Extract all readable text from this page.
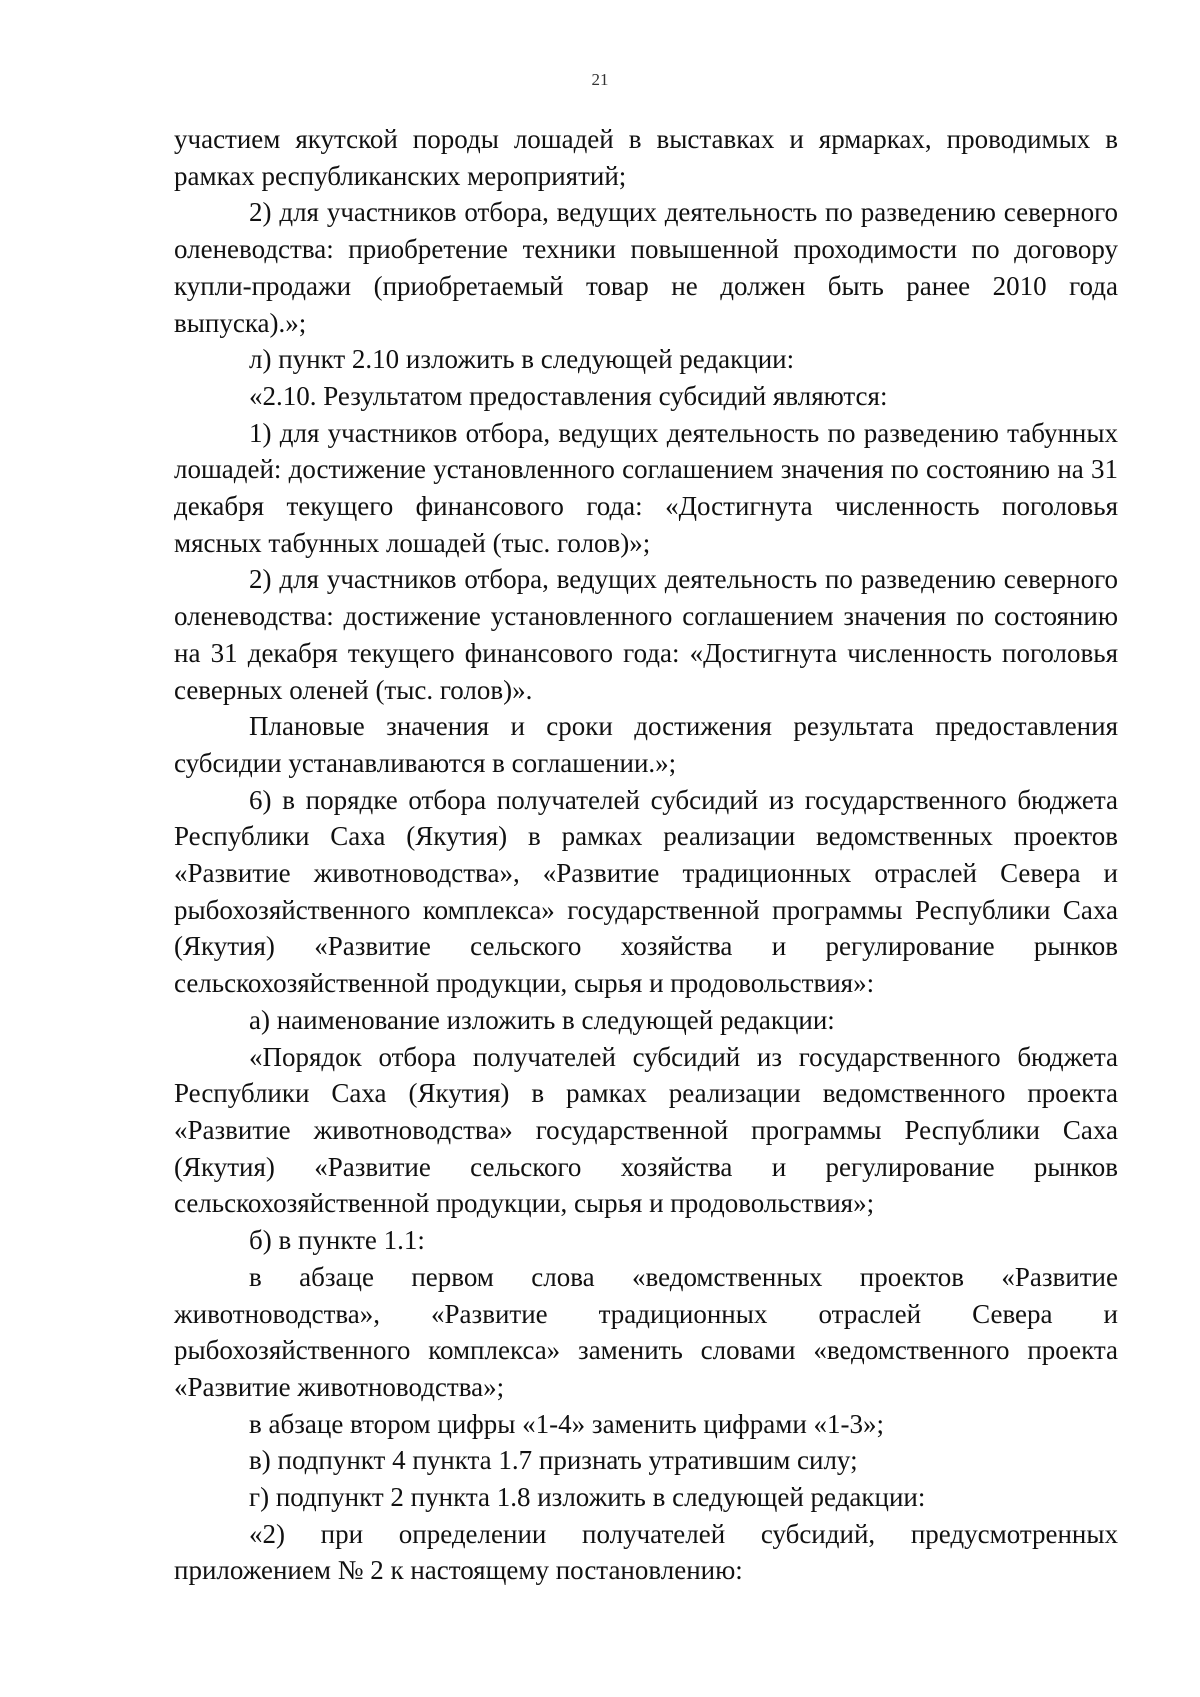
21

участием якутской породы лошадей в выставках и ярмарках, проводимых в рамках республиканских мероприятий;

2) для участников отбора, ведущих деятельность по разведению северного оленеводства: приобретение техники повышенной проходимости по договору купли-продажи (приобретаемый товар не должен быть ранее 2010 года выпуска).»;

л) пункт 2.10 изложить в следующей редакции:

«2.10. Результатом предоставления субсидий являются:

1) для участников отбора, ведущих деятельность по разведению табунных лошадей: достижение установленного соглашением значения по состоянию на 31 декабря текущего финансового года: «Достигнута численность поголовья мясных табунных лошадей (тыс. голов)»;

2) для участников отбора, ведущих деятельность по разведению северного оленеводства: достижение установленного соглашением значения по состоянию на 31 декабря текущего финансового года: «Достигнута численность поголовья северных оленей (тыс. голов)».

Плановые значения и сроки достижения результата предоставления субсидии устанавливаются в соглашении.»;

6) в порядке отбора получателей субсидий из государственного бюджета Республики Саха (Якутия) в рамках реализации ведомственных проектов «Развитие животноводства», «Развитие традиционных отраслей Севера и рыбохозяйственного комплекса» государственной программы Республики Саха (Якутия) «Развитие сельского хозяйства и регулирование рынков сельскохозяйственной продукции, сырья и продовольствия»:

а) наименование изложить в следующей редакции:

«Порядок отбора получателей субсидий из государственного бюджета Республики Саха (Якутия) в рамках реализации ведомственного проекта «Развитие животноводства» государственной программы Республики Саха (Якутия) «Развитие сельского хозяйства и регулирование рынков сельскохозяйственной продукции, сырья и продовольствия»;

б) в пункте 1.1:

в абзаце первом слова «ведомственных проектов «Развитие животноводства», «Развитие традиционных отраслей Севера и рыбохозяйственного комплекса» заменить словами «ведомственного проекта «Развитие животноводства»;

в абзаце втором цифры «1-4» заменить цифрами «1-3»;

в) подпункт 4 пункта 1.7 признать утратившим силу;

г) подпункт 2 пункта 1.8 изложить в следующей редакции:

«2) при определении получателей субсидий, предусмотренных приложением № 2 к настоящему постановлению:
